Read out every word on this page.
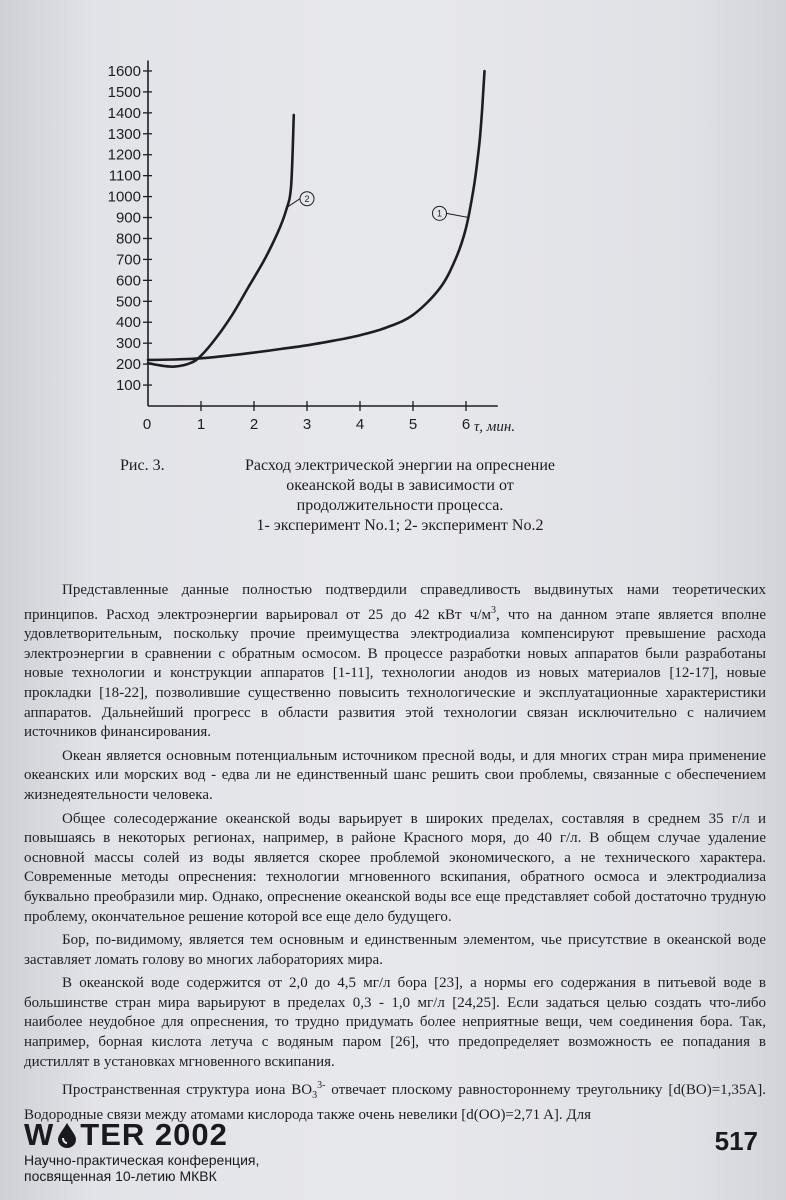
100
200
300
400
500
600
700
800
900
1000
1100
1200
1300
1400
1500
1600
0	1	2	3	4	5	6 τ, мин.
1
2
Рис. 3.	Расход электрической энергии на опреснение
океанской воды в зависимости от
продолжительности процесса.
1- эксперимент No.1; 2- эксперимент No.2

Представленные данные полностью подтвердили справедливость выдвинутых нами теоретических принципов. Расход электроэнергии варьировал от 25 до 42 кВт $ч/м^3$, что на данном этапе является вполне удовлетворительным, поскольку прочие преимущества электродиализа компенсируют превышение расхода электроэнергии в сравнении с обратным осмосом. В процессе разработки новых аппаратов были разработаны новые технологии и конструкции аппаратов [1-11], технологии анодов из новых материалов [12-17], новые прокладки [18-22], позволившие существенно повысить технологические и эксплуатационные характеристики аппаратов. Дальнейший прогресс в области развития этой технологии связан исключительно с наличием источников финансирования.

Океан является основным потенциальным источником пресной воды, и для многих стран мира применение океанских или морских вод - едва ли не единственный шанс решить свои проблемы, связанные с обеспечением жизнедеятельности человека.

Общее солесодержание океанской воды варьирует в широких пределах, составляя в среднем 35 г/л и повышаясь в некоторых регионах, например, в районе Красного моря, до 40 г/л. В общем случае удаление основной массы солей из воды является скорее проблемой экономического, а не технического характера. Современные методы опреснения: технологии мгновенного вскипания, обратного осмоса и электродиализа буквально преобразили мир. Однако, опреснение океанской воды все еще представляет собой достаточно трудную проблему, окончательное решение которой все еще дело будущего.

Бор, по-видимому, является тем основным и единственным элементом, чье присутствие в океанской воде заставляет ломать голову во многих лабораториях мира.

В океанской воде содержится от 2,0 до 4,5 мг/л бора [23], а нормы его содержания в питьевой воде в большинстве стран мира варьируют в пределах 0,3 - 1,0 мг/л [24,25]. Если задаться целью создать что-либо наиболее неудобное для опреснения, то трудно придумать более неприятные вещи, чем соединения бора. Так, например, борная кислота летуча с водяным паром [26], что предопределяет возможность ее попадания в дистиллят в установках мгновенного вскипания.

Пространственная структура иона $BO_3^{3-}$ отвечает плоскому равностороннему треугольнику [d(BO)=1,35A]. Водородные связи между атомами кислорода также очень невелики [d(OO)=2,71 A]. Для

W TER 2002
Научно-практическая конференция,
посвященная 10-летию МКВК
517
